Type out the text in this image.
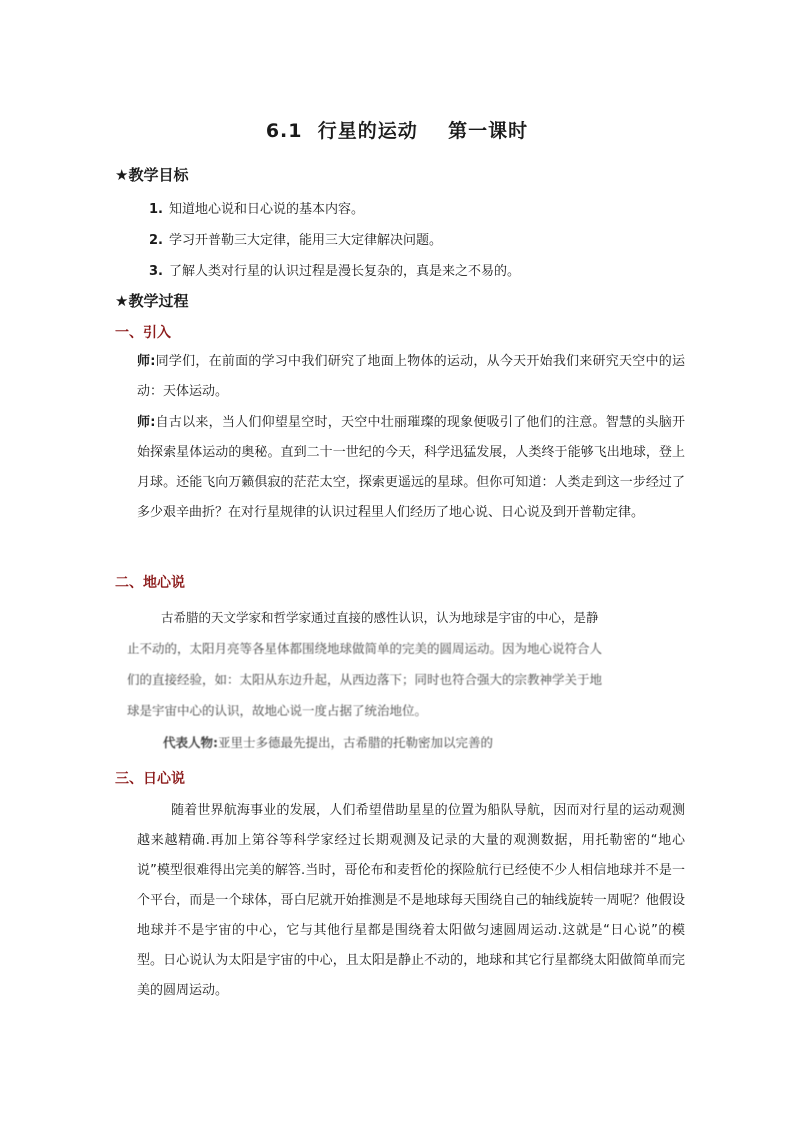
6.1  行星的运动    第一课时
★教学目标
1. 知道地心说和日心说的基本内容。
2. 学习开普勒三大定律，能用三大定律解决问题。
3. 了解人类对行星的认识过程是漫长复杂的，真是来之不易的。
★教学过程
一、引入
师:同学们，在前面的学习中我们研究了地面上物体的运动，从今天开始我们来研究天空中的运动：天体运动。
师:自古以来，当人们仰望星空时，天空中壮丽璀璨的现象便吸引了他们的注意。智慧的头脑开始探索星体运动的奥秘。直到二十一世纪的今天，科学迅猛发展，人类终于能够飞出地球，登上月球。还能飞向万籁俱寂的茫茫太空，探索更遥远的星球。但你可知道：人类走到这一步经过了多少艰辛曲折？在对行星规律的认识过程里人们经历了地心说、日心说及到开普勒定律。
二、地心说
古希腊的天文学家和哲学家通过直接的感性认识，认为地球是宇宙的中心，是静
止不动的，太阳月亮等各星体都围绕地球做简单的完美的圆周运动。因为地心说符合人
们的直接经验，如：太阳从东边升起，从西边落下；同时也符合强大的宗教神学关于地
球是宇宙中心的认识，故地心说一度占据了统治地位。
代表人物:亚里士多德最先提出，古希腊的托勒密加以完善的
三、日心说
随着世界航海事业的发展，人们希望借助星星的位置为船队导航，因而对行星的运动观测越来越精确.再加上第谷等科学家经过长期观测及记录的大量的观测数据，用托勒密的“地心说”模型很难得出完美的解答.当时，哥伦布和麦哲伦的探险航行已经使不少人相信地球并不是一个平台，而是一个球体，哥白尼就开始推测是不是地球每天围绕自己的轴线旋转一周呢？他假设地球并不是宇宙的中心，它与其他行星都是围绕着太阳做匀速圆周运动.这就是“日心说”的模型。日心说认为太阳是宇宙的中心，且太阳是静止不动的，地球和其它行星都绕太阳做简单而完美的圆周运动。
